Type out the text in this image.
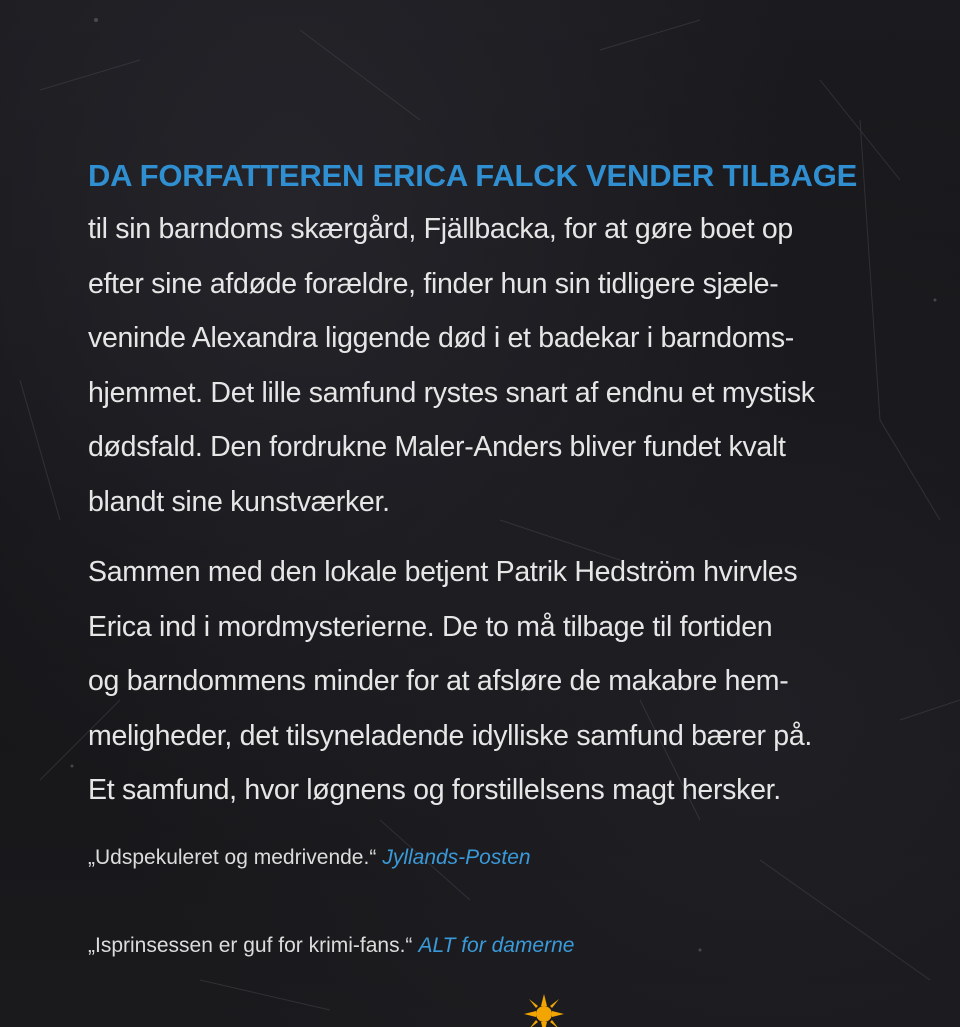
DA FORFATTEREN ERICA FALCK VENDER TILBAGE

til sin barndoms skærgård, Fjällbacka, for at gøre boet op
efter sine afdøde forældre, finder hun sin tidligere sjæle-
veninde Alexandra liggende død i et badekar i barndoms-
hjemmet. Det lille samfund rystes snart af endnu et mystisk
dødsfald. Den fordrukne Maler-Anders bliver fundet kvalt
blandt sine kunstværker.

Sammen med den lokale betjent Patrik Hedström hvirvles
Erica ind i mordmysterierne. De to må tilbage til fortiden
og barndommens minder for at afsløre de makabre hem-
meligheder, det tilsyneladende idylliske samfund bærer på.
Et samfund, hvor løgnens og forstillelsens magt hersker.

„Udspekuleret og medrivende.“ Jyllands-Posten

„Isprinsessen er guf for krimi-fans.“ ALT for damerne
